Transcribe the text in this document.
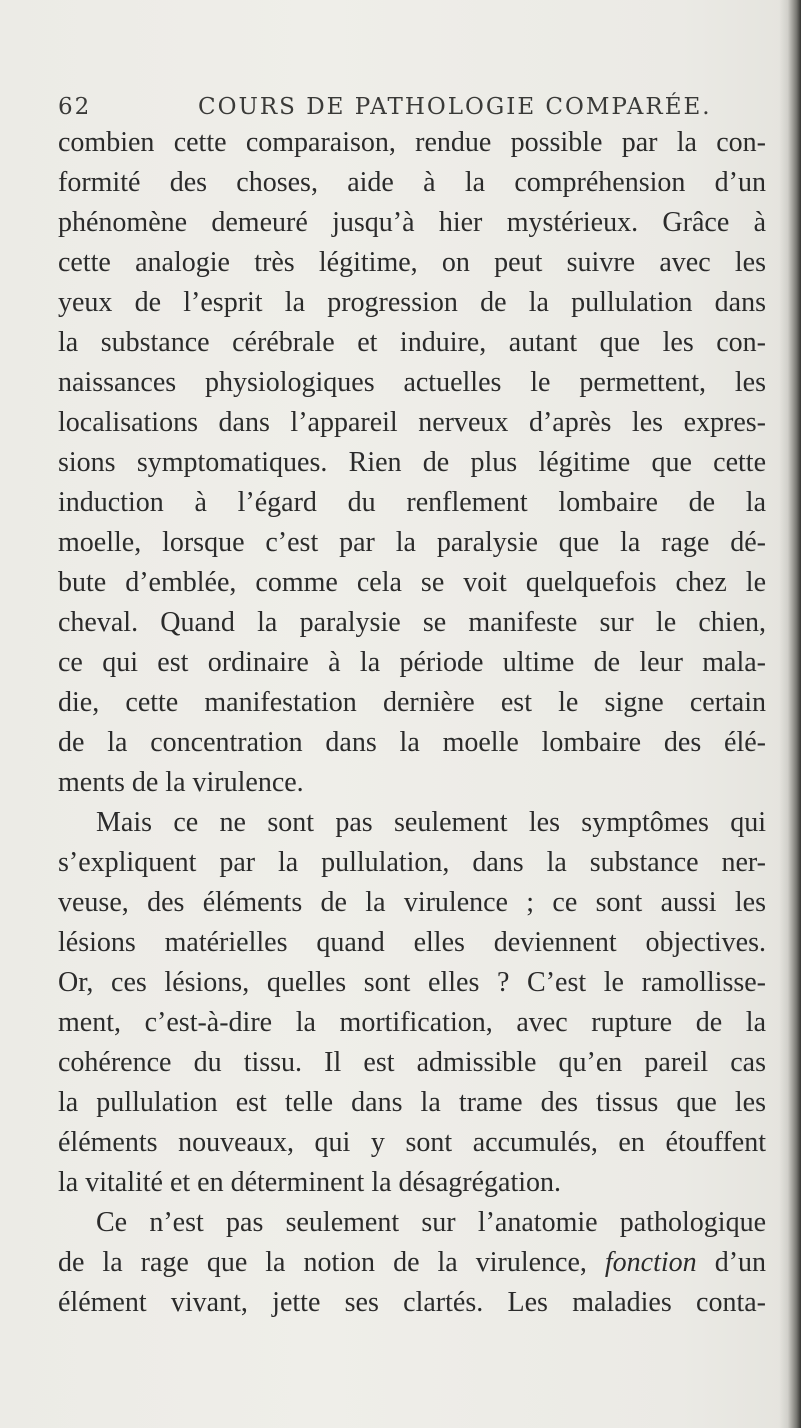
62	COURS DE PATHOLOGIE COMPARÉE.
combien cette comparaison, rendue possible par la con-
formité des choses, aide à la compréhension d’un
phénomène demeuré jusqu’à hier mystérieux. Grâce à
cette analogie très légitime, on peut suivre avec les
yeux de l’esprit la progression de la pullulation dans
la substance cérébrale et induire, autant que les con-
naissances physiologiques actuelles le permettent, les
localisations dans l’appareil nerveux d’après les expres-
sions symptomatiques. Rien de plus légitime que cette
induction à l’égard du renflement lombaire de la
moelle, lorsque c’est par la paralysie que la rage dé-
bute d’emblée, comme cela se voit quelquefois chez le
cheval. Quand la paralysie se manifeste sur le chien,
ce qui est ordinaire à la période ultime de leur mala-
die, cette manifestation dernière est le signe certain
de la concentration dans la moelle lombaire des élé-
ments de la virulence.
Mais ce ne sont pas seulement les symptômes qui
s’expliquent par la pullulation, dans la substance ner-
veuse, des éléments de la virulence ; ce sont aussi les
lésions matérielles quand elles deviennent objectives.
Or, ces lésions, quelles sont elles ? C’est le ramollisse-
ment, c’est-à-dire la mortification, avec rupture de la
cohérence du tissu. Il est admissible qu’en pareil cas
la pullulation est telle dans la trame des tissus que les
éléments nouveaux, qui y sont accumulés, en étouffent
la vitalité et en déterminent la désagrégation.
Ce n’est pas seulement sur l’anatomie pathologique
de la rage que la notion de la virulence, fonction d’un
élément vivant, jette ses clartés. Les maladies conta-
